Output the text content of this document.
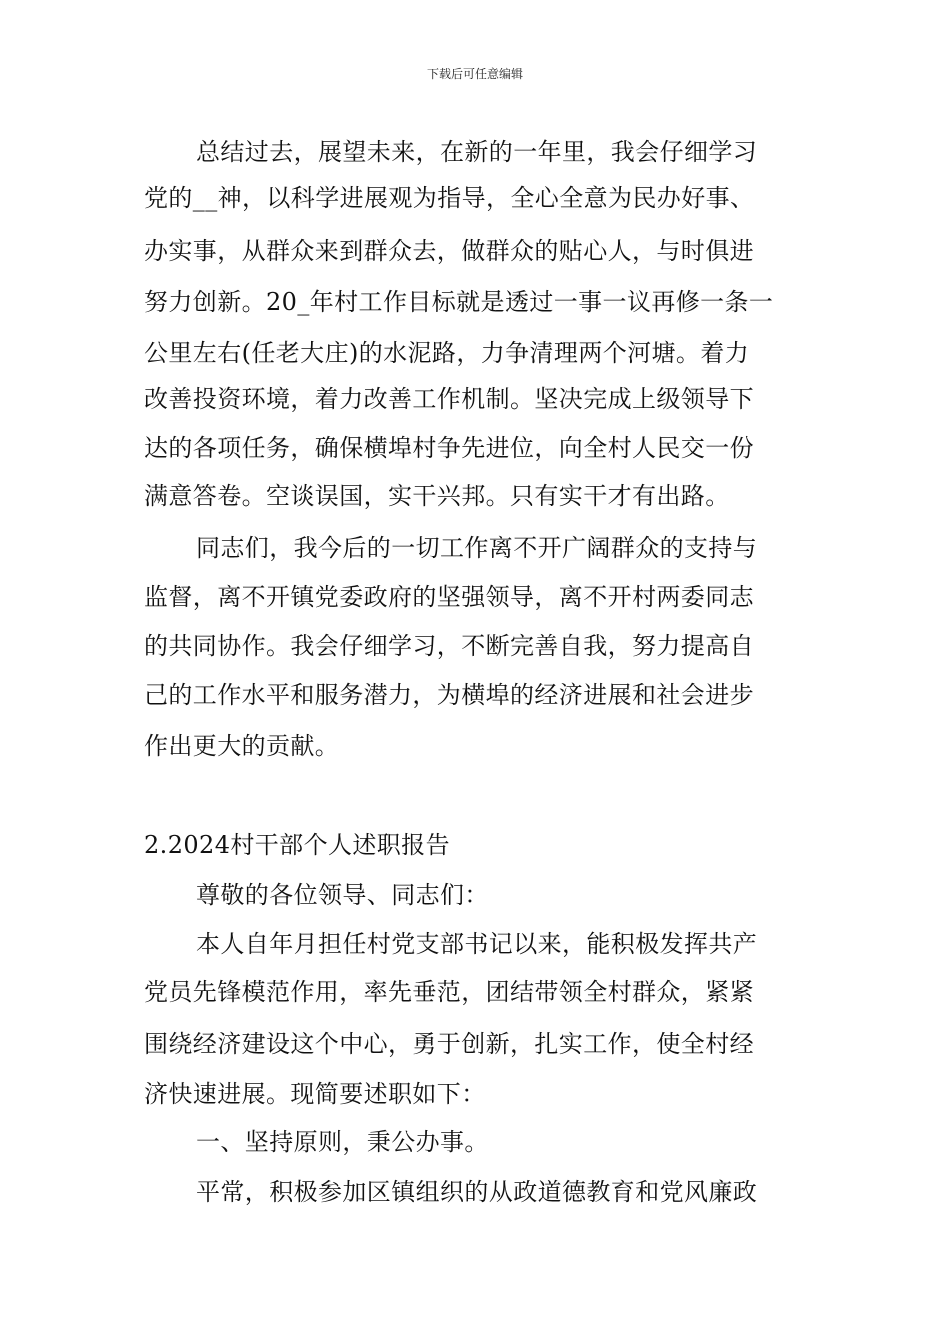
下载后可任意编辑
总结过去，展望未来，在新的一年里，我会仔细学习
党的__神，以科学进展观为指导，全心全意为民办好事、
办实事，从群众来到群众去，做群众的贴心人，与时俱进
努力创新。20_年村工作目标就是透过一事一议再修一条一
公里左右(任老大庄)的水泥路，力争清理两个河塘。着力
改善投资环境，着力改善工作机制。坚决完成上级领导下
达的各项任务，确保横埠村争先进位，向全村人民交一份
满意答卷。空谈误国，实干兴邦。只有实干才有出路。
同志们，我今后的一切工作离不开广阔群众的支持与
监督，离不开镇党委政府的坚强领导，离不开村两委同志
的共同协作。我会仔细学习，不断完善自我，努力提高自
己的工作水平和服务潜力，为横埠的经济进展和社会进步
作出更大的贡献。
2.2024村干部个人述职报告
尊敬的各位领导、同志们：
本人自年月担任村党支部书记以来，能积极发挥共产
党员先锋模范作用，率先垂范，团结带领全村群众，紧紧
围绕经济建设这个中心，勇于创新，扎实工作，使全村经
济快速进展。现简要述职如下：
一、坚持原则，秉公办事。
平常，积极参加区镇组织的从政道德教育和党风廉政
